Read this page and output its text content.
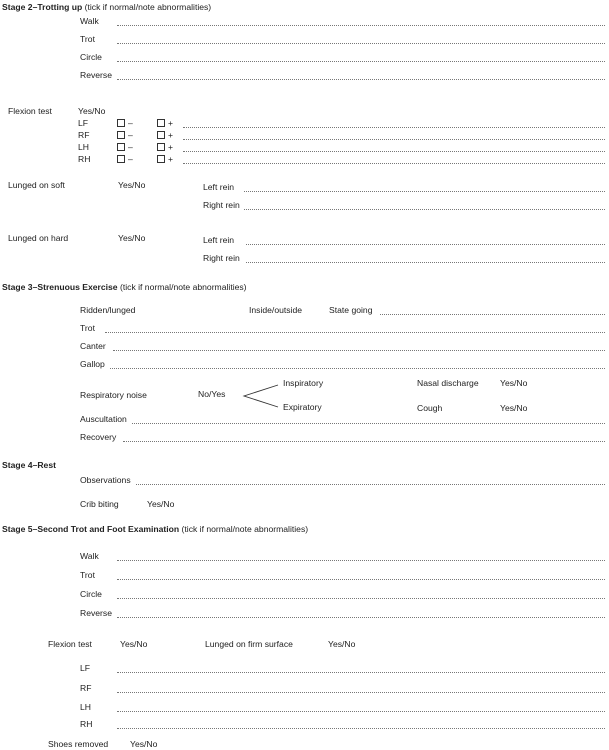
Stage 2–Trotting up (tick if normal/note abnormalities)
Walk
Trot
Circle
Reverse
Flexion test	Yes/No
LF	–	+
RF	–	+
LH	–	+
RH	–	+
Lunged on soft	Yes/No	Left rein
Right rein
Lunged on hard	Yes/No	Left rein
Right rein
Stage 3–Strenuous Exercise (tick if normal/note abnormalities)
Ridden/lunged	Inside/outside	State going
Trot
Canter
Gallop
Respiratory noise	No/Yes
Inspiratory
Expiratory
Nasal discharge Yes/No
Cough	Yes/No
Auscultation
Recovery
Stage 4–Rest
Observations
Crib biting	Yes/No
Stage 5–Second Trot and Foot Examination (tick if normal/note abnormalities)
Walk
Trot
Circle
Reverse
Flexion test	Yes/No	Lunged on firm surface	Yes/No
LF
RF
LH
RH
Shoes removed	Yes/No
